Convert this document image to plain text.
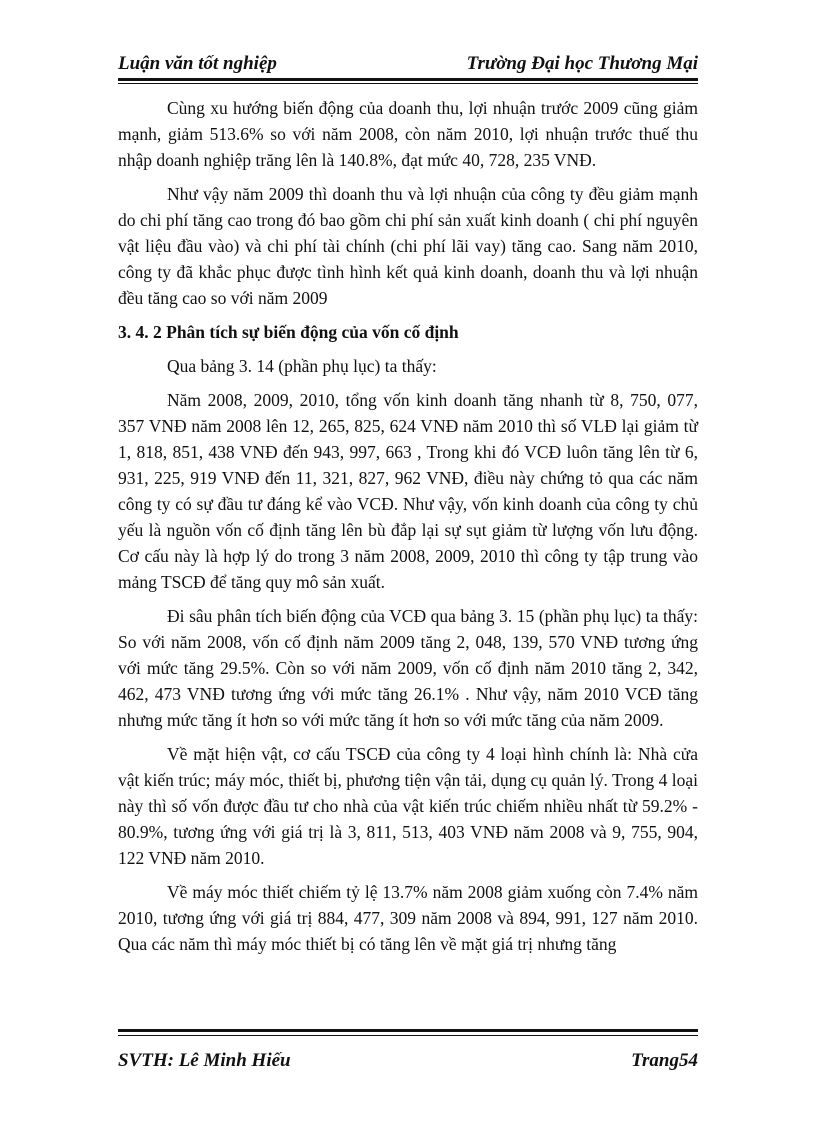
Luận văn tốt nghiệp	Trường Đại học Thương Mại

Cùng xu hướng biến động của doanh thu, lợi nhuận trước 2009 cũng giảm mạnh, giảm 513.6% so với năm 2008, còn năm 2010, lợi nhuận trước thuế thu nhập doanh nghiệp trăng lên là 140.8%, đạt mức 40, 728, 235 VNĐ.

Như vậy năm 2009 thì doanh thu và lợi nhuận của công ty đều giảm mạnh do chi phí tăng cao trong đó bao gồm chi phí sản xuất kinh doanh ( chi phí nguyên vật liệu đầu vào) và chi phí tài chính (chi phí lãi vay) tăng cao. Sang năm 2010, công ty đã khắc phục được tình hình kết quả kinh doanh, doanh thu và lợi nhuận đều tăng cao so với năm 2009

3. 4. 2 Phân tích sự biến động của vốn cố định

Qua bảng 3. 14 (phần phụ lục) ta thấy:

Năm 2008, 2009, 2010, tổng vốn kinh doanh tăng nhanh từ 8, 750, 077, 357 VNĐ năm 2008 lên 12, 265, 825, 624 VNĐ năm 2010 thì số VLĐ lại giảm từ 1, 818, 851, 438 VNĐ đến 943, 997, 663 , Trong khi đó VCĐ luôn tăng lên từ 6, 931, 225, 919 VNĐ đến 11, 321, 827, 962 VNĐ, điều này chứng tỏ qua các năm công ty có sự đầu tư đáng kể vào VCĐ. Như vậy, vốn kinh doanh của công ty chủ yếu là nguồn vốn cố định tăng lên bù đắp lại sự sụt giảm từ lượng vốn lưu động. Cơ cấu này là hợp lý do trong 3 năm 2008, 2009, 2010 thì công ty tập trung vào mảng TSCĐ để tăng quy mô sản xuất.

Đi sâu phân tích biến động của VCĐ qua bảng 3. 15 (phần phụ lục) ta thấy: So với năm 2008, vốn cố định năm 2009 tăng 2, 048, 139, 570 VNĐ tương ứng với mức tăng 29.5%. Còn so với năm 2009, vốn cố định năm 2010 tăng 2, 342, 462, 473 VNĐ tương ứng với mức tăng 26.1% . Như vậy, năm 2010 VCĐ tăng nhưng mức tăng ít hơn so với mức tăng ít hơn so với mức tăng của năm 2009.

Về mặt hiện vật, cơ cấu TSCĐ của công ty 4 loại hình chính là: Nhà cửa vật kiến trúc; máy móc, thiết bị, phương tiện vận tải, dụng cụ quản lý. Trong 4 loại này thì số vốn được đầu tư cho nhà của vật kiến trúc chiếm nhiều nhất từ 59.2% - 80.9%, tương ứng với giá trị là 3, 811, 513, 403 VNĐ năm 2008 và 9, 755, 904, 122 VNĐ năm 2010.

Về máy móc thiết chiếm tỷ lệ 13.7% năm 2008 giảm xuống còn 7.4% năm 2010, tương ứng với giá trị 884, 477, 309 năm 2008 và 894, 991, 127 năm 2010. Qua các năm thì máy móc thiết bị có tăng lên về mặt giá trị nhưng tăng

SVTH: Lê Minh Hiếu	Trang54
